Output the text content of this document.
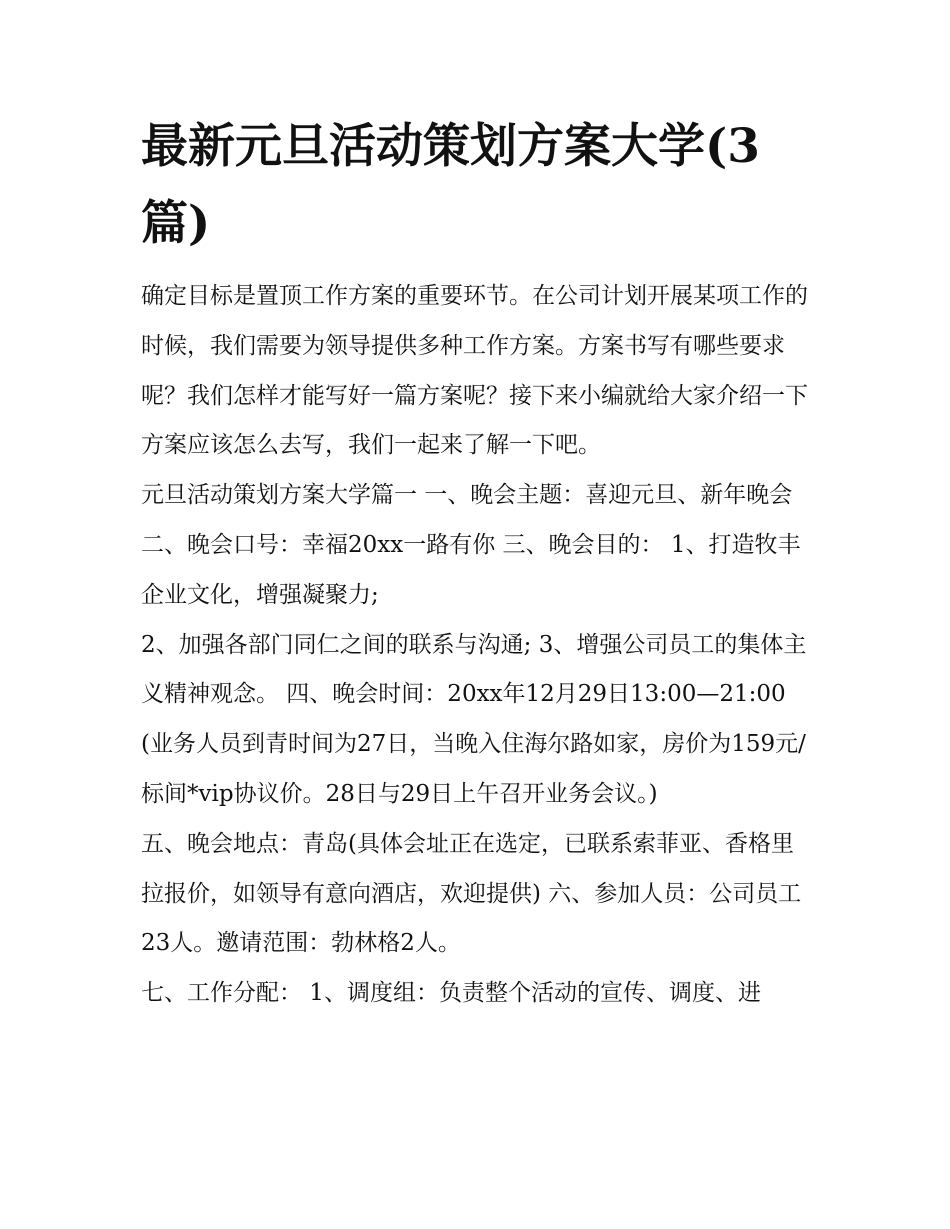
最新元旦活动策划方案大学(3篇)

确定目标是置顶工作方案的重要环节。在公司计划开展某项工作的时候，我们需要为领导提供多种工作方案。方案书写有哪些要求呢？我们怎样才能写好一篇方案呢？接下来小编就给大家介绍一下方案应该怎么去写，我们一起来了解一下吧。

元旦活动策划方案大学篇一 一、晚会主题：喜迎元旦、新年晚会 二、晚会口号：幸福20xx一路有你 三、晚会目的： 1、打造牧丰企业文化，增强凝聚力;

2、加强各部门同仁之间的联系与沟通; 3、增强公司员工的集体主义精神观念。 四、晚会时间：20xx年12月29日13:00—21:00

(业务人员到青时间为27日，当晚入住海尔路如家，房价为159元/标间*vip协议价。28日与29日上午召开业务会议。)

五、晚会地点：青岛(具体会址正在选定，已联系索菲亚、香格里拉报价，如领导有意向酒店，欢迎提供) 六、参加人员：公司员工23人。邀请范围：勃林格2人。

七、工作分配： 1、调度组：负责整个活动的宣传、调度、进
